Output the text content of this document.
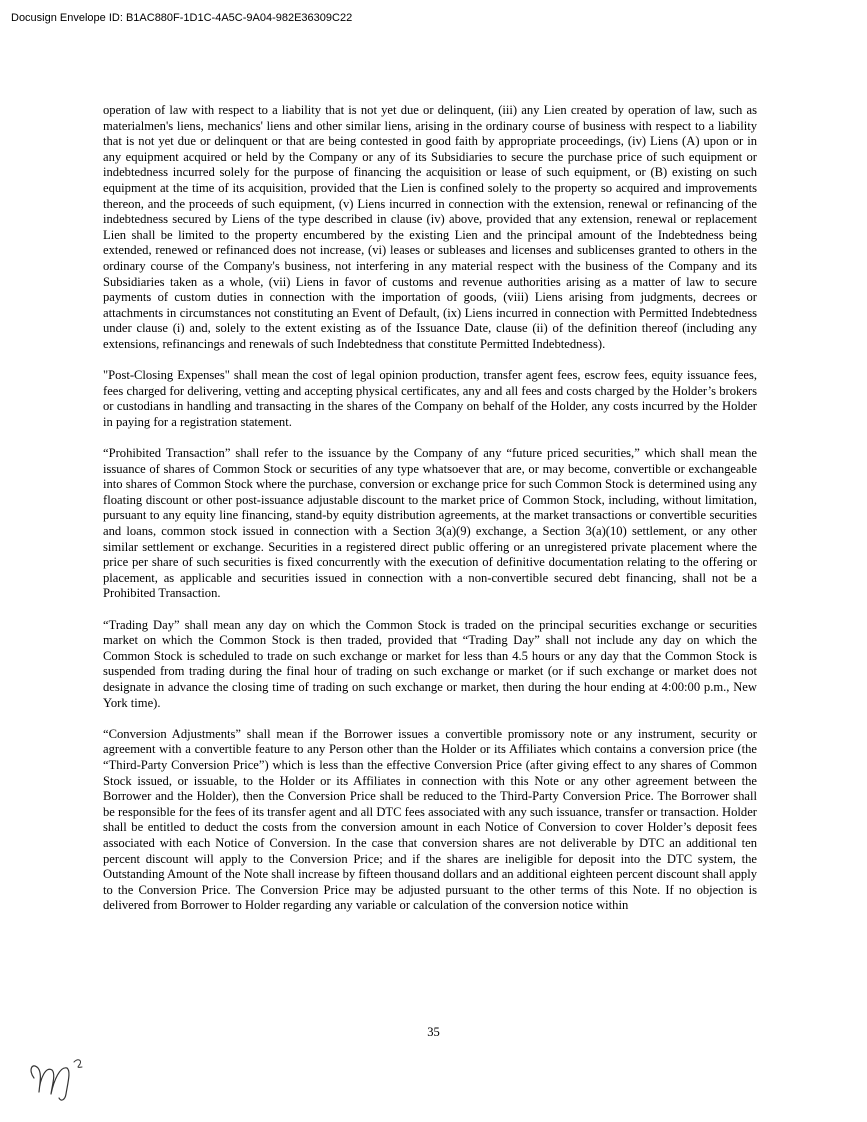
Docusign Envelope ID: B1AC880F-1D1C-4A5C-9A04-982E36309C22

operation of law with respect to a liability that is not yet due or delinquent, (iii) any Lien created by operation of law, such as materialmen's liens, mechanics' liens and other similar liens, arising in the ordinary course of business with respect to a liability that is not yet due or delinquent or that are being contested in good faith by appropriate proceedings, (iv) Liens (A) upon or in any equipment acquired or held by the Company or any of its Subsidiaries to secure the purchase price of such equipment or indebtedness incurred solely for the purpose of financing the acquisition or lease of such equipment, or (B) existing on such equipment at the time of its acquisition, provided that the Lien is confined solely to the property so acquired and improvements thereon, and the proceeds of such equipment, (v) Liens incurred in connection with the extension, renewal or refinancing of the indebtedness secured by Liens of the type described in clause (iv) above, provided that any extension, renewal or replacement Lien shall be limited to the property encumbered by the existing Lien and the principal amount of the Indebtedness being extended, renewed or refinanced does not increase, (vi) leases or subleases and licenses and sublicenses granted to others in the ordinary course of the Company's business, not interfering in any material respect with the business of the Company and its Subsidiaries taken as a whole, (vii) Liens in favor of customs and revenue authorities arising as a matter of law to secure payments of custom duties in connection with the importation of goods, (viii) Liens arising from judgments, decrees or attachments in circumstances not constituting an Event of Default, (ix) Liens incurred in connection with Permitted Indebtedness under clause (i) and, solely to the extent existing as of the Issuance Date, clause (ii) of the definition thereof (including any extensions, refinancings and renewals of such Indebtedness that constitute Permitted Indebtedness).

"Post-Closing Expenses" shall mean the cost of legal opinion production, transfer agent fees, escrow fees, equity issuance fees, fees charged for delivering, vetting and accepting physical certificates, any and all fees and costs charged by the Holder’s brokers or custodians in handling and transacting in the shares of the Company on behalf of the Holder, any costs incurred by the Holder in paying for a registration statement.

“Prohibited Transaction” shall refer to the issuance by the Company of any “future priced securities,” which shall mean the issuance of shares of Common Stock or securities of any type whatsoever that are, or may become, convertible or exchangeable into shares of Common Stock where the purchase, conversion or exchange price for such Common Stock is determined using any floating discount or other post-issuance adjustable discount to the market price of Common Stock, including, without limitation, pursuant to any equity line financing, stand-by equity distribution agreements, at the market transactions or convertible securities and loans, common stock issued in connection with a Section 3(a)(9) exchange, a Section 3(a)(10) settlement, or any other similar settlement or exchange. Securities in a registered direct public offering or an unregistered private placement where the price per share of such securities is fixed concurrently with the execution of definitive documentation relating to the offering or placement, as applicable and securities issued in connection with a non-convertible secured debt financing, shall not be a Prohibited Transaction.

“Trading Day” shall mean any day on which the Common Stock is traded on the principal securities exchange or securities market on which the Common Stock is then traded, provided that “Trading Day” shall not include any day on which the Common Stock is scheduled to trade on such exchange or market for less than 4.5 hours or any day that the Common Stock is suspended from trading during the final hour of trading on such exchange or market (or if such exchange or market does not designate in advance the closing time of trading on such exchange or market, then during the hour ending at 4:00:00 p.m., New York time).

“Conversion Adjustments” shall mean if the Borrower issues a convertible promissory note or any instrument, security or agreement with a convertible feature to any Person other than the Holder or its Affiliates which contains a conversion price (the “Third-Party Conversion Price”) which is less than the effective Conversion Price (after giving effect to any shares of Common Stock issued, or issuable, to the Holder or its Affiliates in connection with this Note or any other agreement between the Borrower and the Holder), then the Conversion Price shall be reduced to the Third-Party Conversion Price. The Borrower shall be responsible for the fees of its transfer agent and all DTC fees associated with any such issuance, transfer or transaction. Holder shall be entitled to deduct the costs from the conversion amount in each Notice of Conversion to cover Holder’s deposit fees associated with each Notice of Conversion. In the case that conversion shares are not deliverable by DTC an additional ten percent discount will apply to the Conversion Price; and if the shares are ineligible for deposit into the DTC system, the Outstanding Amount of the Note shall increase by fifteen thousand dollars and an additional eighteen percent discount shall apply to the Conversion Price. The Conversion Price may be adjusted pursuant to the other terms of this Note. If no objection is delivered from Borrower to Holder regarding any variable or calculation of the conversion notice within

35
